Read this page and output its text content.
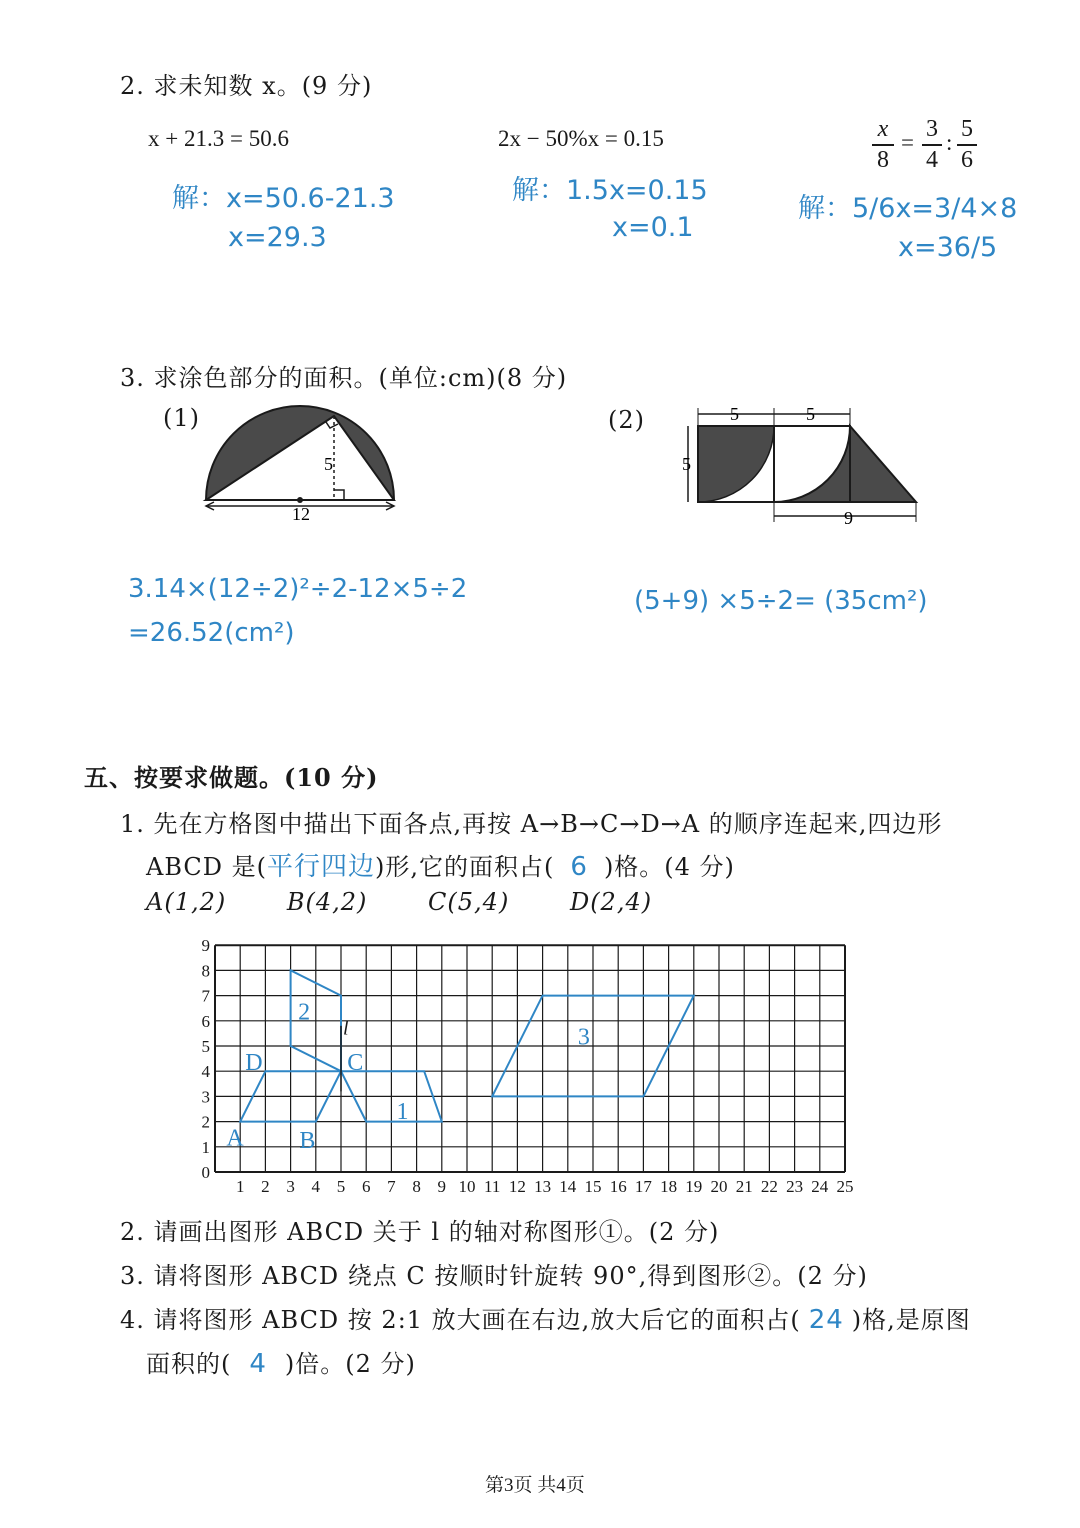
2. 求未知数 x。(9 分)
x + 21.3 = 50.6	2x − 50%x = 0.15	x
8
=
3
4
:
5
6
解：x=50.6-21.3
x=29.3
解：1.5x=0.15
x=0.1
解：5/6x=3/4×8
x=36/5
3. 求涂色部分的面积。(单位:cm)(8 分)
(1)
5
12
(2)	5	5
5
9
3.14×(12÷2)²÷2-12×5÷2
=26.52(cm²)
(5+9) ×5÷2= (35cm²)
五、按要求做题。(10 分)
1. 先在方格图中描出下面各点,再按 A→B→C→D→A 的顺序连起来,四边形
ABCD 是(平行四边)形,它的面积占( 6 )格。(4 分)
A(1,2)	B(4,2)	C(5,4)	D(2,4)
1 2 3 4 5 6 7 8 9 10 11 12 13 14 15 16 17 18 19 20 21 22 23 24 25
0
1
2
3
4
5
6
7
8
9
l
A B
C
D
1
2
3
2. 请画出图形 ABCD 关于 l 的轴对称图形①。(2 分)
3. 请将图形 ABCD 绕点 C 按顺时针旋转 90°,得到图形②。(2 分)
4. 请将图形 ABCD 按 2:1 放大画在右边,放大后它的面积占( 24 )格,是原图
面积的( 4 )倍。(2 分)
第3页 共4页
